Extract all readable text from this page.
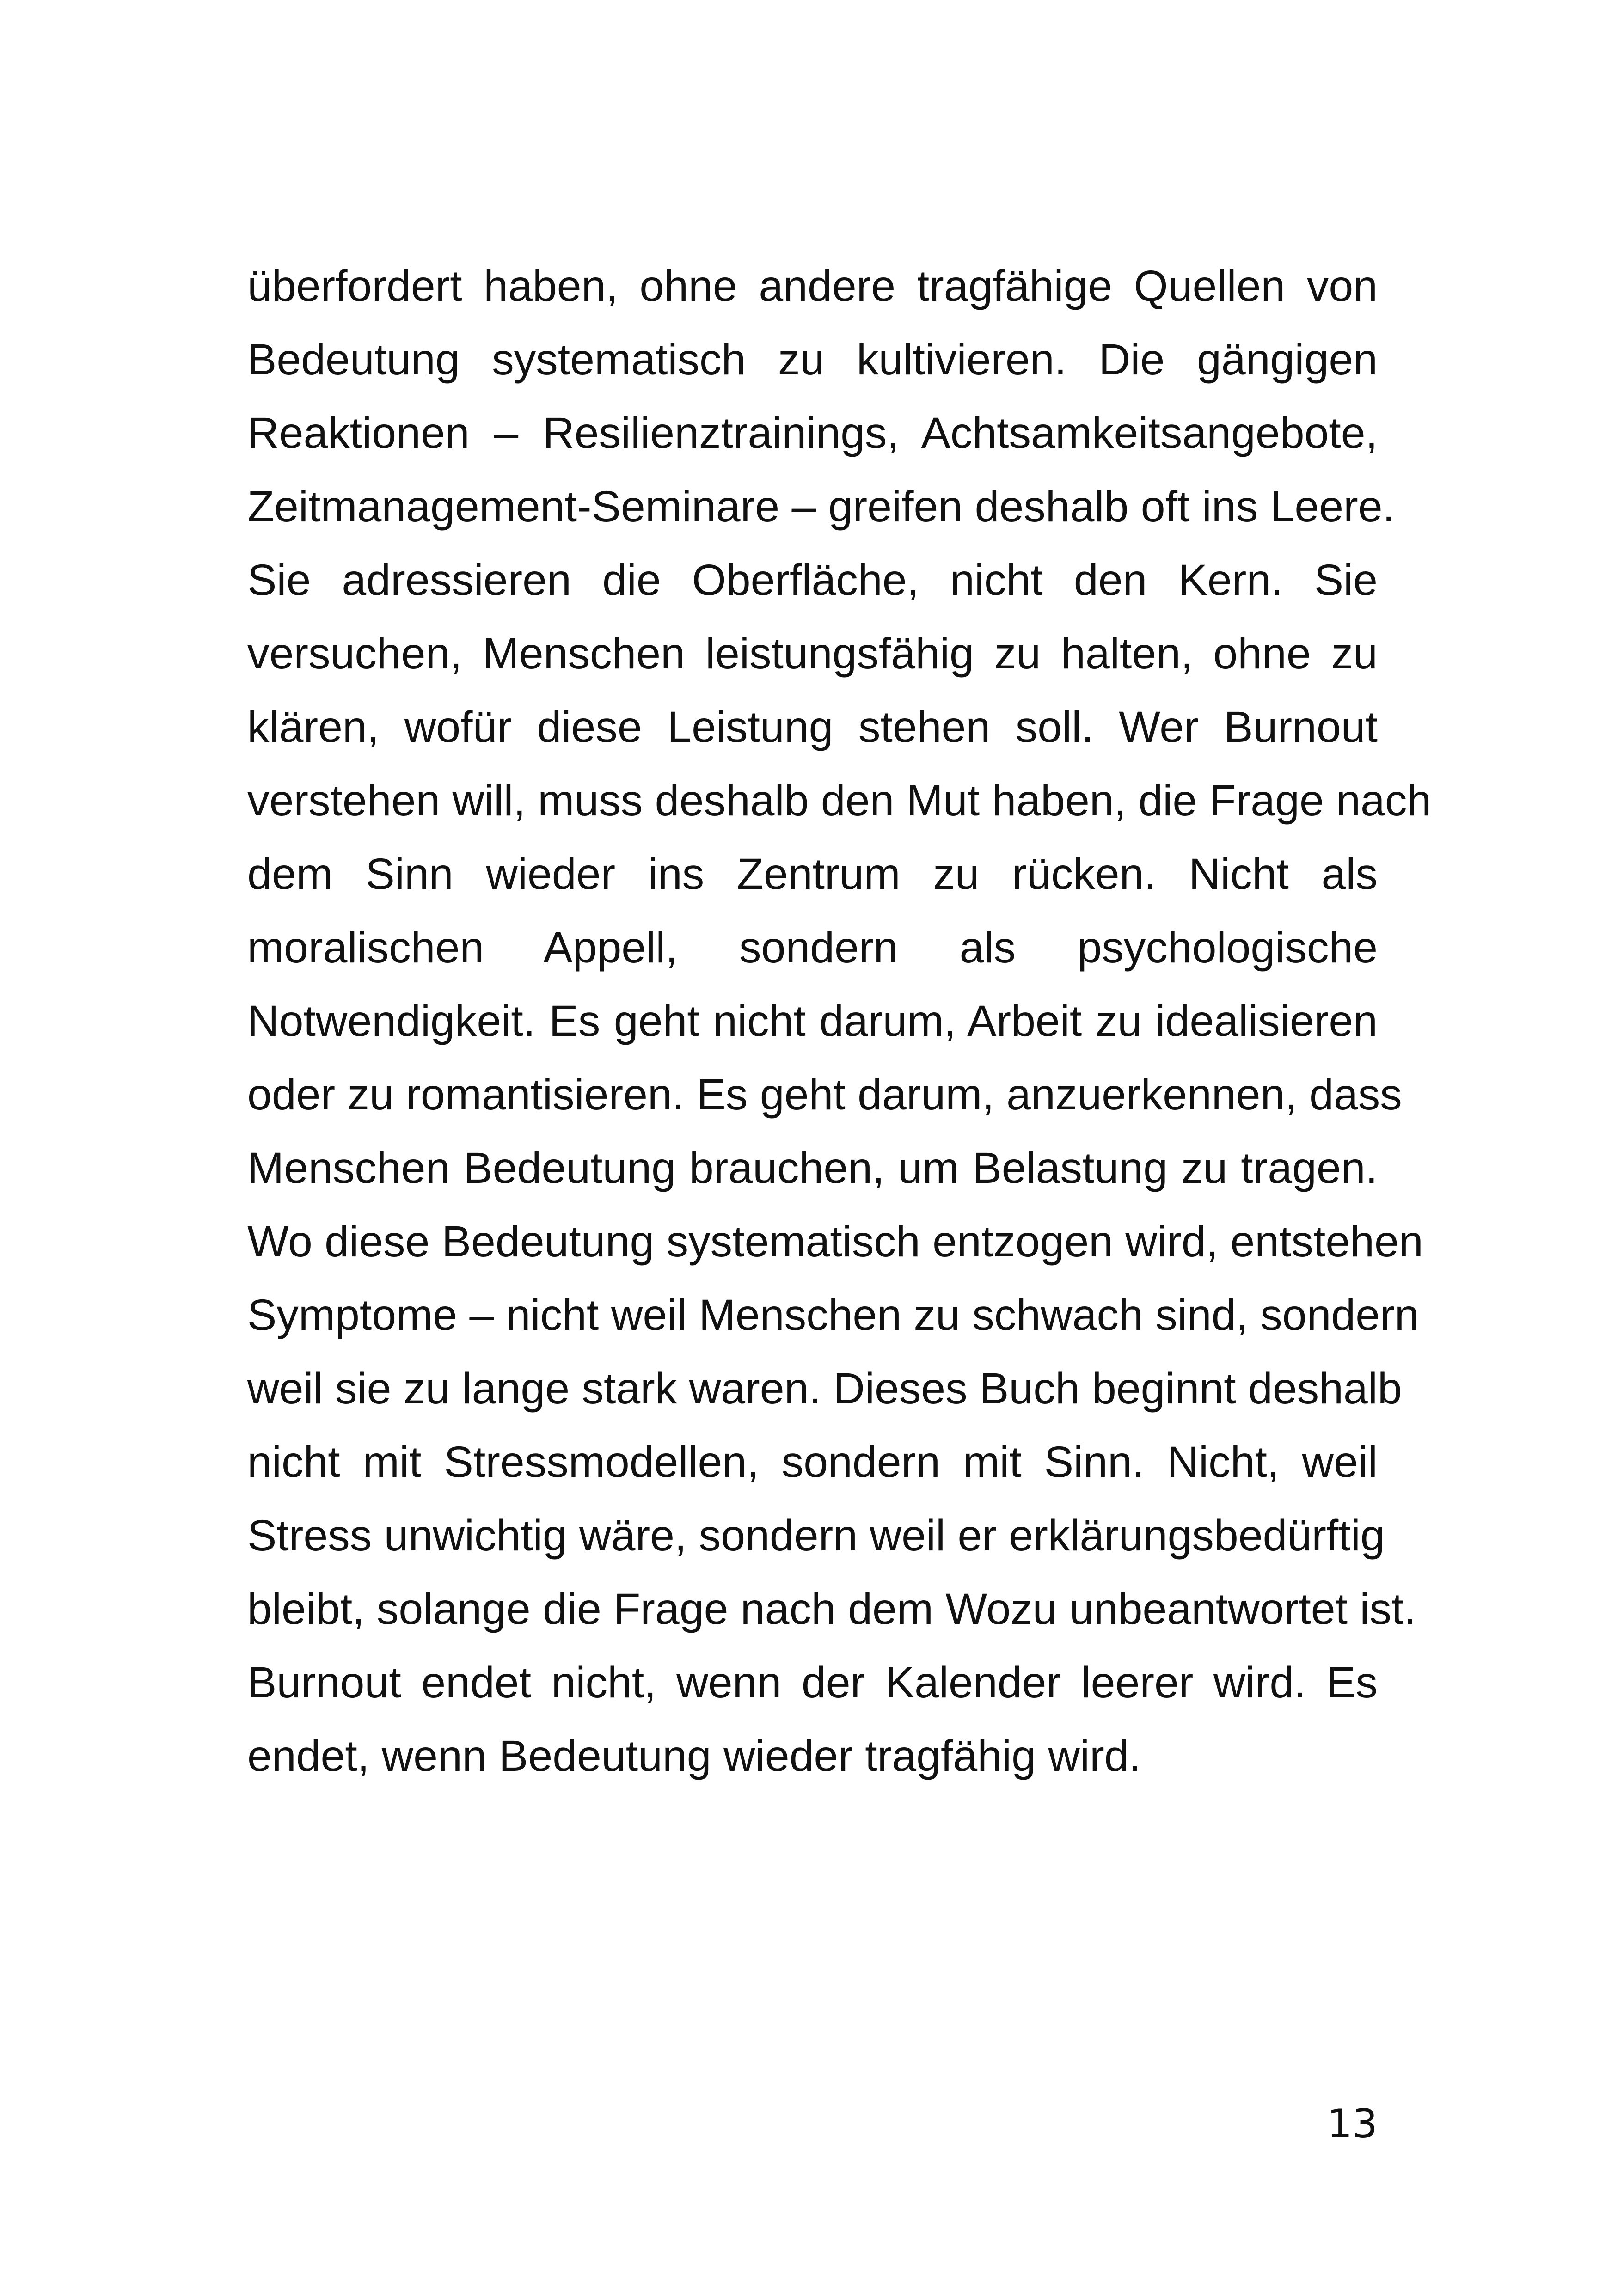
überfordert haben, ohne andere tragfähige Quellen von
Bedeutung systematisch zu kultivieren. Die gängigen
Reaktionen – Resilienztrainings, Achtsamkeitsangebote,
Zeitmanagement-Seminare – greifen deshalb oft ins Leere.
Sie adressieren die Oberfläche, nicht den Kern. Sie
versuchen, Menschen leistungsfähig zu halten, ohne zu
klären, wofür diese Leistung stehen soll. Wer Burnout
verstehen will, muss deshalb den Mut haben, die Frage nach
dem Sinn wieder ins Zentrum zu rücken. Nicht als
moralischen Appell, sondern als psychologische
Notwendigkeit. Es geht nicht darum, Arbeit zu idealisieren
oder zu romantisieren. Es geht darum, anzuerkennen, dass
Menschen Bedeutung brauchen, um Belastung zu tragen.
Wo diese Bedeutung systematisch entzogen wird, entstehen
Symptome – nicht weil Menschen zu schwach sind, sondern
weil sie zu lange stark waren. Dieses Buch beginnt deshalb
nicht mit Stressmodellen, sondern mit Sinn. Nicht, weil
Stress unwichtig wäre, sondern weil er erklärungsbedürftig
bleibt, solange die Frage nach dem Wozu unbeantwortet ist.
Burnout endet nicht, wenn der Kalender leerer wird. Es
endet, wenn Bedeutung wieder tragfähig wird.

13
